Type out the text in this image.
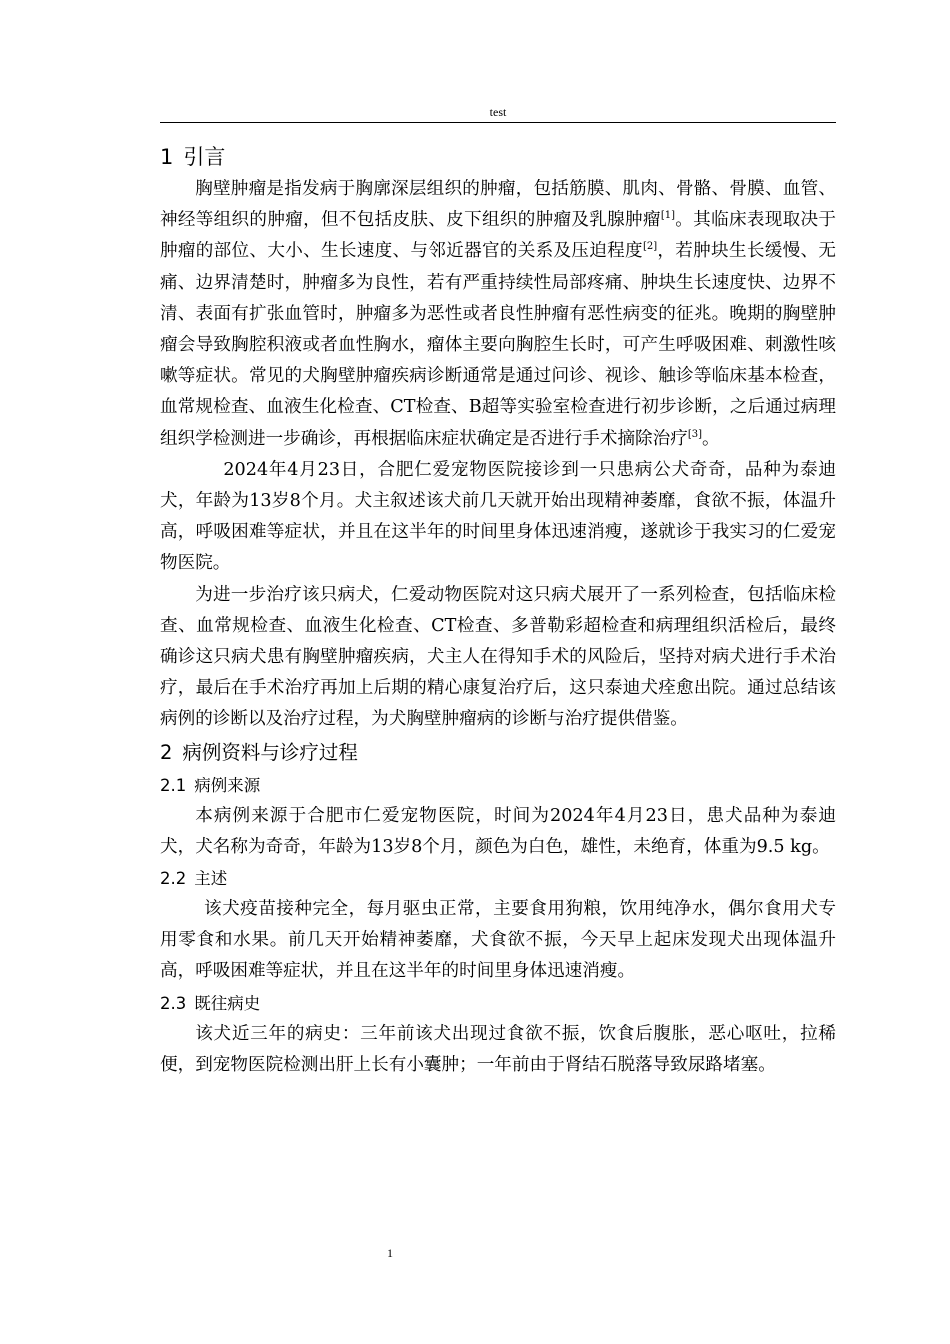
test
1 引言

胸壁肿瘤是指发病于胸廓深层组织的肿瘤，包括筋膜、肌肉、骨骼、骨膜、血管、神经等组织的肿瘤，但不包括皮肤、皮下组织的肿瘤及乳腺肿瘤[1]。其临床表现取决于肿瘤的部位、大小、生长速度、与邻近器官的关系及压迫程度[2]，若肿块生长缓慢、无痛、边界清楚时，肿瘤多为良性，若有严重持续性局部疼痛、肿块生长速度快、边界不清、表面有扩张血管时，肿瘤多为恶性或者良性肿瘤有恶性病变的征兆。晚期的胸壁肿瘤会导致胸腔积液或者血性胸水，瘤体主要向胸腔生长时，可产生呼吸困难、刺激性咳嗽等症状。常见的犬胸壁肿瘤疾病诊断通常是通过问诊、视诊、触诊等临床基本检查，血常规检查、血液生化检查、CT检查、B超等实验室检查进行初步诊断，之后通过病理组织学检测进一步确诊，再根据临床症状确定是否进行手术摘除治疗[3]。

2024年4月23日，合肥仁爱宠物医院接诊到一只患病公犬奇奇，品种为泰迪犬，年龄为13岁8个月。犬主叙述该犬前几天就开始出现精神萎靡，食欲不振，体温升高，呼吸困难等症状，并且在这半年的时间里身体迅速消瘦，遂就诊于我实习的仁爱宠物医院。

为进一步治疗该只病犬，仁爱动物医院对这只病犬展开了一系列检查，包括临床检查、血常规检查、血液生化检查、CT检查、多普勒彩超检查和病理组织活检后，最终确诊这只病犬患有胸壁肿瘤疾病，犬主人在得知手术的风险后，坚持对病犬进行手术治疗，最后在手术治疗再加上后期的精心康复治疗后，这只泰迪犬痊愈出院。通过总结该病例的诊断以及治疗过程，为犬胸壁肿瘤病的诊断与治疗提供借鉴。

2 病例资料与诊疗过程
2.1 病例来源

本病例来源于合肥市仁爱宠物医院，时间为2024年4月23日，患犬品种为泰迪犬，犬名称为奇奇，年龄为13岁8个月，颜色为白色，雄性，未绝育，体重为9.5 kg。

2.2 主述

该犬疫苗接种完全，每月驱虫正常，主要食用狗粮，饮用纯净水，偶尔食用犬专用零食和水果。前几天开始精神萎靡，犬食欲不振，今天早上起床发现犬出现体温升高，呼吸困难等症状，并且在这半年的时间里身体迅速消瘦。

2.3 既往病史

该犬近三年的病史：三年前该犬出现过食欲不振，饮食后腹胀，恶心呕吐，拉稀便，到宠物医院检测出肝上长有小囊肿；一年前由于肾结石脱落导致尿路堵塞。

1
